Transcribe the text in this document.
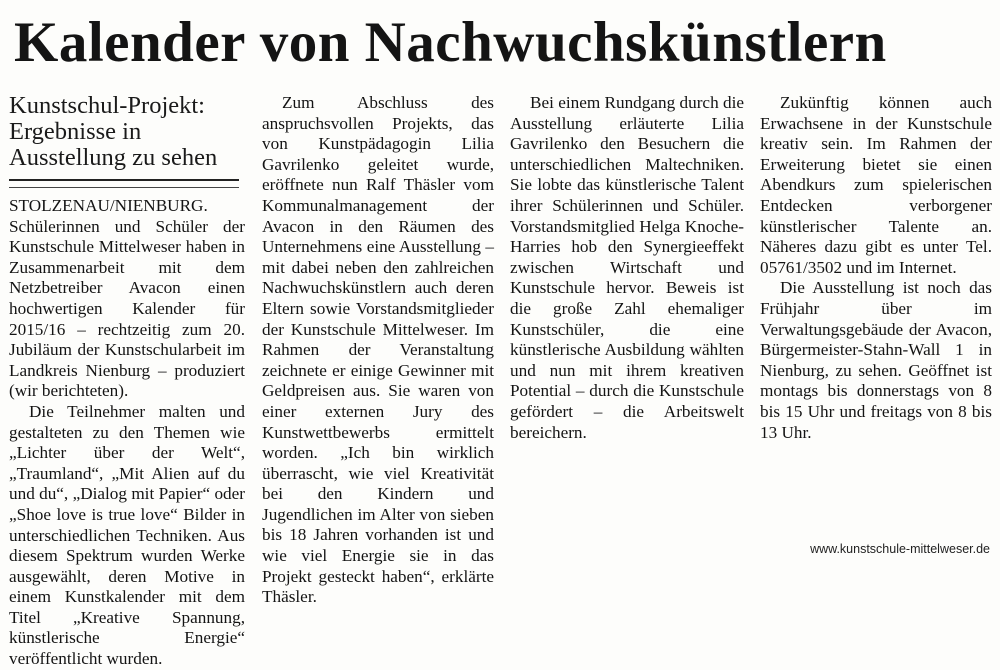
Kalender von Nachwuchskünstlern
Kunstschul-Projekt:
Ergebnisse in
Ausstellung zu sehen

STOLZENAU/NIENBURG. Schülerinnen und Schüler der Kunstschule Mittelweser haben in Zusammenarbeit mit dem Netzbetreiber Avacon einen hochwertigen Kalender für 2015/16 – rechtzeitig zum 20. Jubiläum der Kunstschularbeit im Landkreis Nienburg – produziert (wir berichteten).

Die Teilnehmer malten und gestalteten zu den Themen wie „Lichter über der Welt“, „Traumland“, „Mit Alien auf du und du“, „Dialog mit Papier“ oder „Shoe love is true love“ Bilder in unterschiedlichen Techniken. Aus diesem Spektrum wurden Werke ausgewählt, deren Motive in einem Kunstkalender mit dem Titel „Kreative Spannung, künstlerische Energie“ veröffentlicht wurden.

Zum Abschluss des anspruchsvollen Projekts, das von Kunstpädagogin Lilia Gavrilenko geleitet wurde, eröffnete nun Ralf Thäsler vom Kommunalmanagement der Avacon in den Räumen des Unternehmens eine Ausstellung – mit dabei neben den zahlreichen Nachwuchskünstlern auch deren Eltern sowie Vorstandsmitglieder der Kunstschule Mittelweser. Im Rahmen der Veranstaltung zeichnete er einige Gewinner mit Geldpreisen aus. Sie waren von einer externen Jury des Kunstwettbewerbs ermittelt worden. „Ich bin wirklich überrascht, wie viel Kreativität bei den Kindern und Jugendlichen im Alter von sieben bis 18 Jahren vorhanden ist und wie viel Energie sie in das Projekt gesteckt haben“, erklärte Thäsler.

Bei einem Rundgang durch die Ausstellung erläuterte Lilia Gavrilenko den Besuchern die unterschiedlichen Maltechniken. Sie lobte das künstlerische Talent ihrer Schülerinnen und Schüler. Vorstandsmitglied Helga Knoche-Harries hob den Synergieeffekt zwischen Wirtschaft und Kunstschule hervor. Beweis ist die große Zahl ehemaliger Kunstschüler, die eine künstlerische Ausbildung wählten und nun mit ihrem kreativen Potential – durch die Kunstschule gefördert – die Arbeitswelt bereichern.

Zukünftig können auch Erwachsene in der Kunstschule kreativ sein. Im Rahmen der Erweiterung bietet sie einen Abendkurs zum spielerischen Entdecken verborgener künstlerischer Talente an. Näheres dazu gibt es unter Tel. 05761/3502 und im Internet.

Die Ausstellung ist noch das Frühjahr über im Verwaltungsgebäude der Avacon, Bürgermeister-Stahn-Wall 1 in Nienburg, zu sehen. Geöffnet ist montags bis donnerstags von 8 bis 15 Uhr und freitags von 8 bis 13 Uhr.

www.kunstschule-mittelweser.de
